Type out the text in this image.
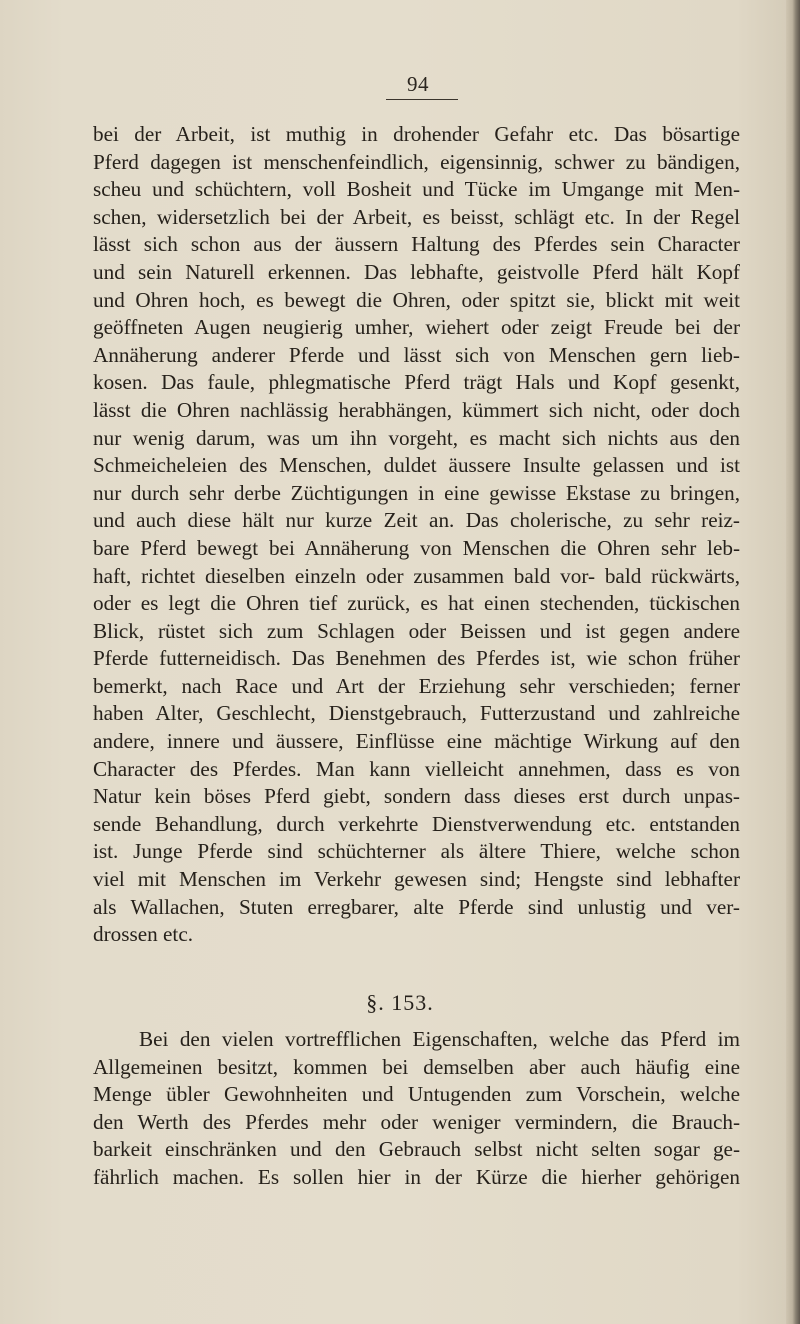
94
bei der Arbeit, ist muthig in drohender Gefahr etc. Das bösartige
Pferd dagegen ist menschenfeindlich, eigensinnig, schwer zu bändigen,
scheu und schüchtern, voll Bosheit und Tücke im Umgange mit Men-
schen, widersetzlich bei der Arbeit, es beisst, schlägt etc. In der Regel
lässt sich schon aus der äussern Haltung des Pferdes sein Character
und sein Naturell erkennen. Das lebhafte, geistvolle Pferd hält Kopf
und Ohren hoch, es bewegt die Ohren, oder spitzt sie, blickt mit weit
geöffneten Augen neugierig umher, wiehert oder zeigt Freude bei der
Annäherung anderer Pferde und lässt sich von Menschen gern lieb-
kosen. Das faule, phlegmatische Pferd trägt Hals und Kopf gesenkt,
lässt die Ohren nachlässig herabhängen, kümmert sich nicht, oder doch
nur wenig darum, was um ihn vorgeht, es macht sich nichts aus den
Schmeicheleien des Menschen, duldet äussere Insulte gelassen und ist
nur durch sehr derbe Züchtigungen in eine gewisse Ekstase zu bringen,
und auch diese hält nur kurze Zeit an. Das cholerische, zu sehr reiz-
bare Pferd bewegt bei Annäherung von Menschen die Ohren sehr leb-
haft, richtet dieselben einzeln oder zusammen bald vor- bald rückwärts,
oder es legt die Ohren tief zurück, es hat einen stechenden, tückischen
Blick, rüstet sich zum Schlagen oder Beissen und ist gegen andere
Pferde futterneidisch. Das Benehmen des Pferdes ist, wie schon früher
bemerkt, nach Race und Art der Erziehung sehr verschieden; ferner
haben Alter, Geschlecht, Dienstgebrauch, Futterzustand und zahlreiche
andere, innere und äussere, Einflüsse eine mächtige Wirkung auf den
Character des Pferdes. Man kann vielleicht annehmen, dass es von
Natur kein böses Pferd giebt, sondern dass dieses erst durch unpas-
sende Behandlung, durch verkehrte Dienstverwendung etc. entstanden
ist. Junge Pferde sind schüchterner als ältere Thiere, welche schon
viel mit Menschen im Verkehr gewesen sind; Hengste sind lebhafter
als Wallachen, Stuten erregbarer, alte Pferde sind unlustig und ver-
drossen etc.
§. 153.
Bei den vielen vortrefflichen Eigenschaften, welche das Pferd im
Allgemeinen besitzt, kommen bei demselben aber auch häufig eine
Menge übler Gewohnheiten und Untugenden zum Vorschein, welche
den Werth des Pferdes mehr oder weniger vermindern, die Brauch-
barkeit einschränken und den Gebrauch selbst nicht selten sogar ge-
fährlich machen. Es sollen hier in der Kürze die hierher gehörigen
